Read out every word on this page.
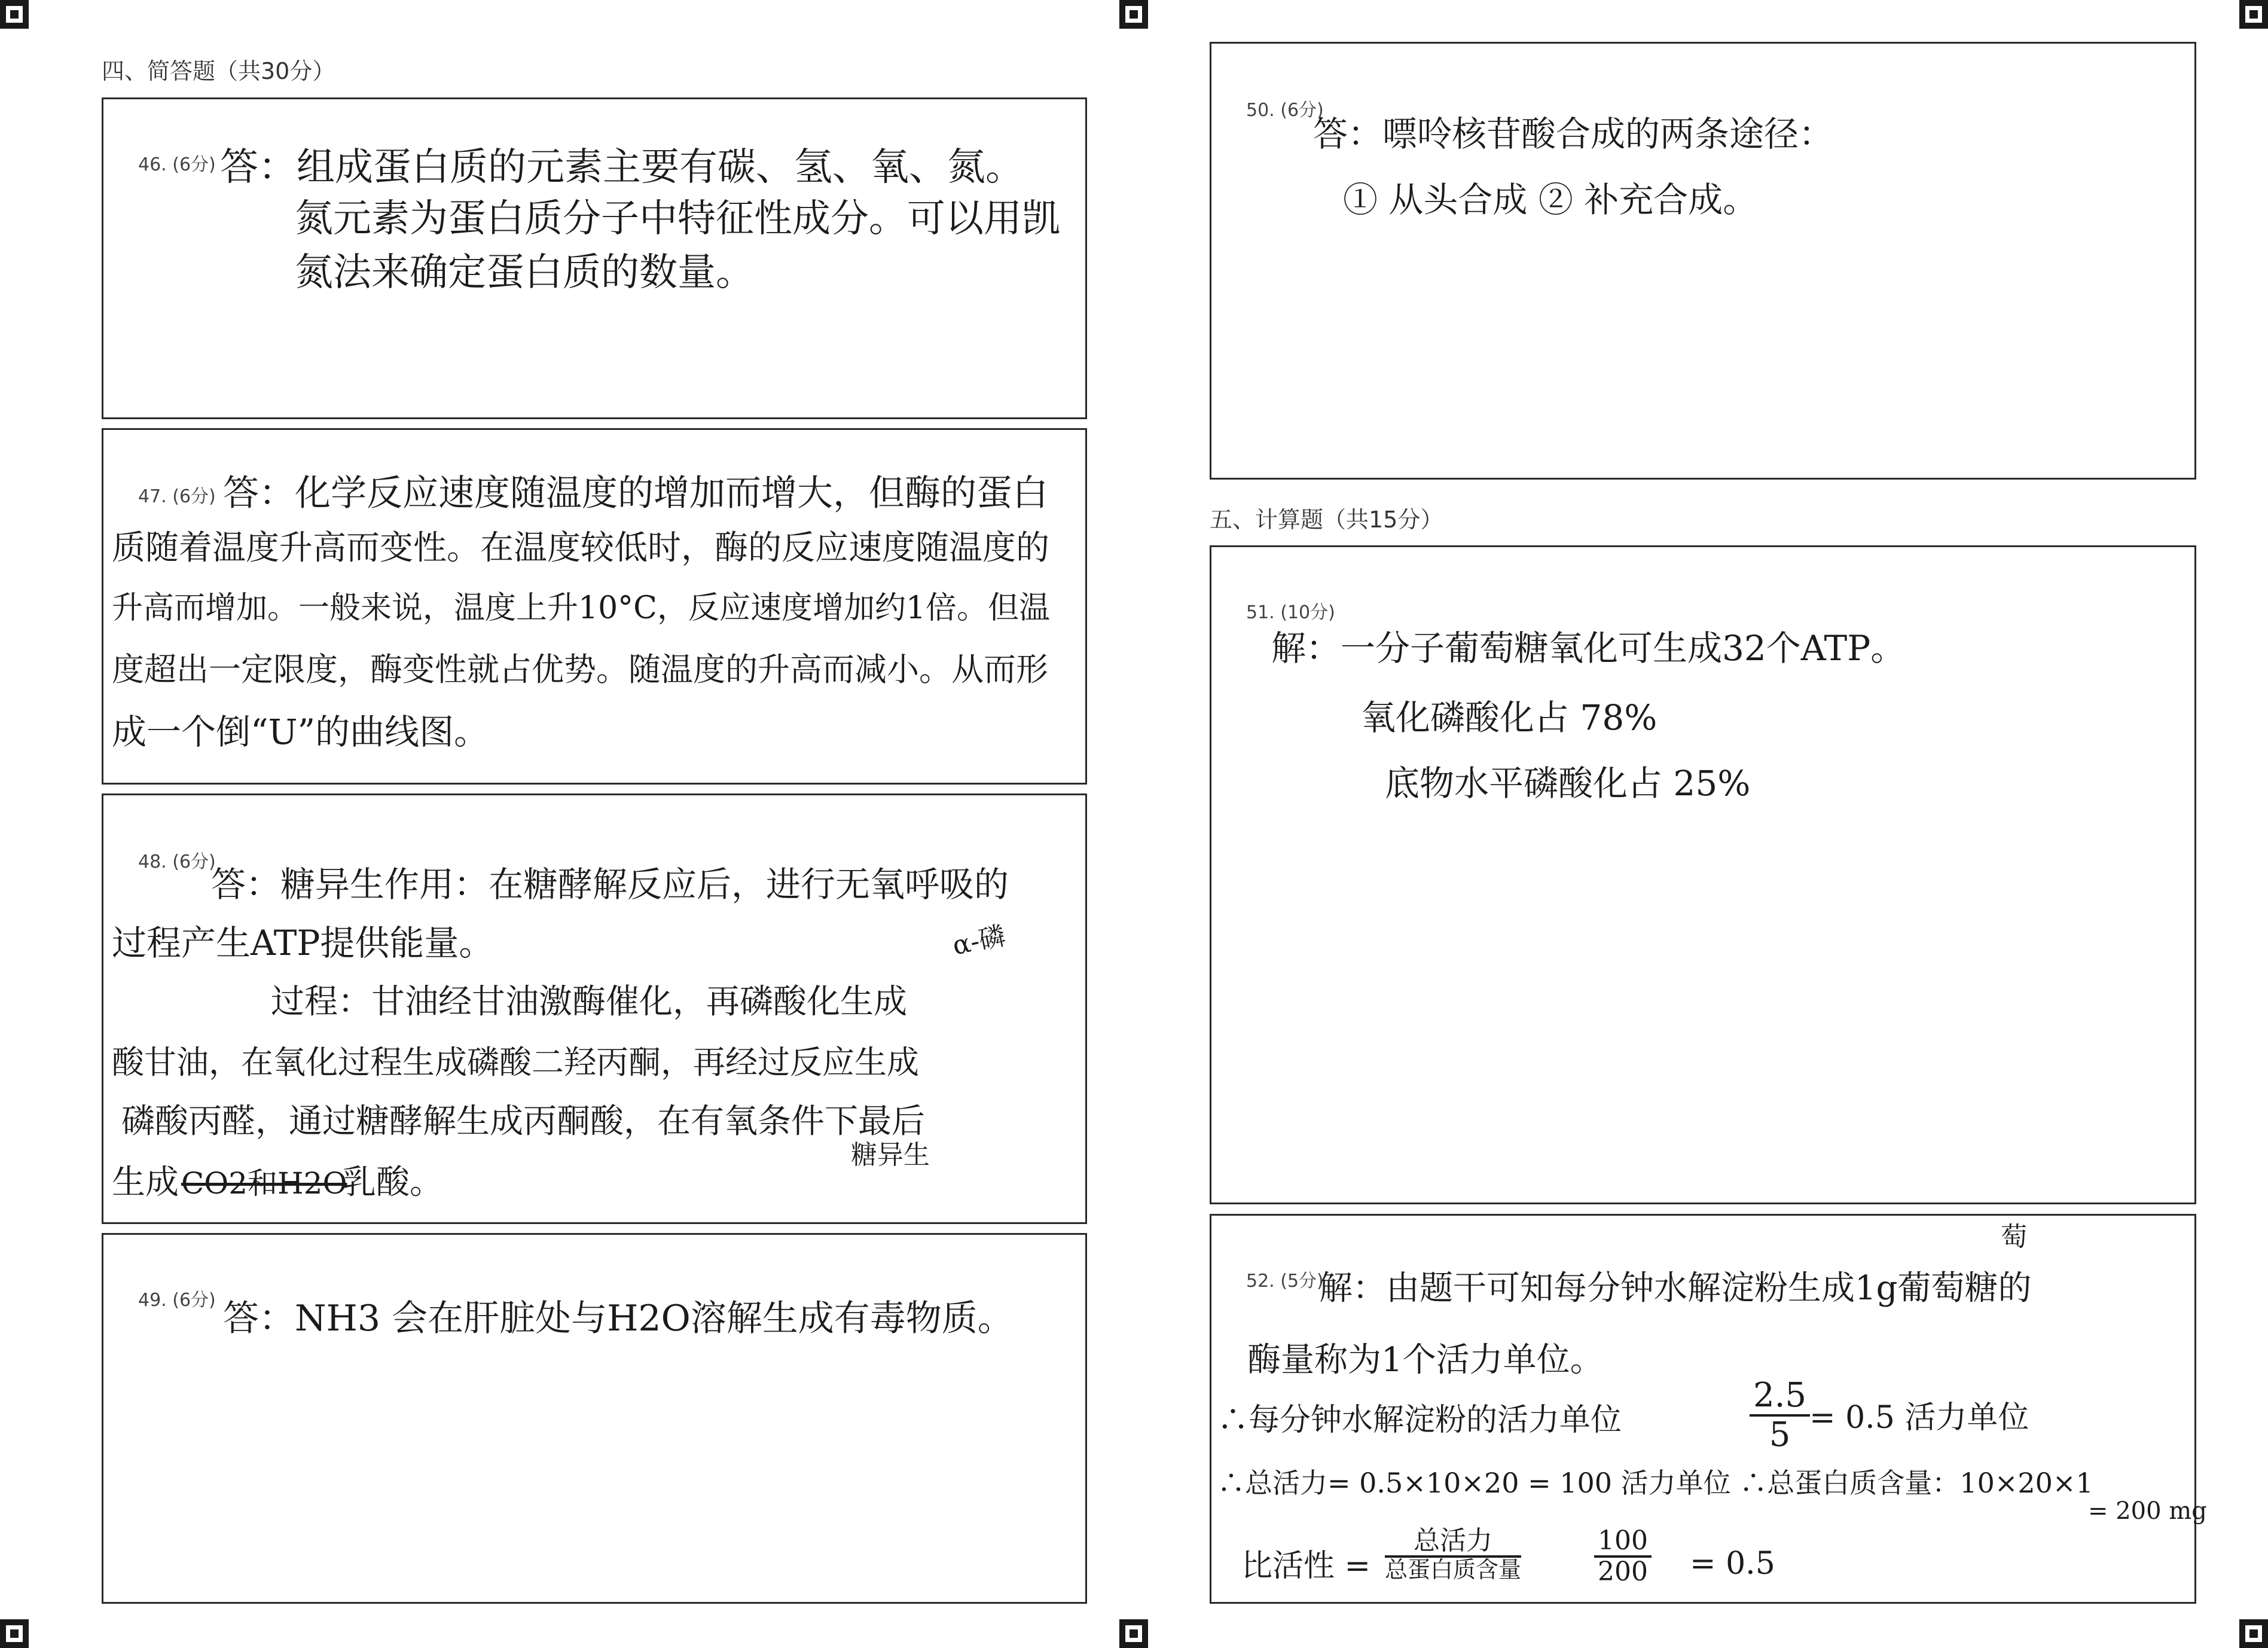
四、简答题（共30分）
46. (6分) 答：组成蛋白质的元素主要有碳、氢、氧、氮。
氮元素为蛋白质分子中特征性成分。可以用凯
氮法来确定蛋白质的数量。
47. (6分) 答：化学反应速度随温度的增加而增大，但酶的蛋白
质随着温度升高而变性。在温度较低时，酶的反应速度随温度的
升高而增加。一般来说，温度上升10°C，反应速度增加约1倍。但温
度超出一定限度，酶变性就占优势。随温度的升高而减小。从而形
成一个倒“U”的曲线图。
48. (6分)
答：糖异生作用：在糖酵解反应后，进行无氧呼吸的
过程产生ATP提供能量。
过程：甘油经甘油激酶催化，再磷酸化生成
α-磷
酸甘油，在氧化过程生成磷酸二羟丙酮，再经过反应生成
磷酸丙醛，通过糖酵解生成丙酮酸，在有氧条件下最后
糖异生
生成 CO2和H2O
乳酸。
49. (6分) 答：NH3 会在肝脏处与H2O溶解生成有毒物质。
50. (6分)
答：嘌呤核苷酸合成的两条途径：
① 从头合成 ② 补充合成。
五、计算题（共15分）
51. (10分)
解：一分子葡萄糖氧化可生成32个ATP。
氧化磷酸化占 78%
底物水平磷酸化占 25%
52. (5分)
萄
解：由题干可知每分钟水解淀粉生成1g葡萄糖的
酶量称为1个活力单位。
∴每分钟水解淀粉的活力单位	$\frac{2.5}{5}$
= 0.5 活力单位
∴总活力= 0.5×10×20 = 100 活力单位 ∴总蛋白质含量：10×20×1
= 200 mg
比活性 =
总活力
总蛋白质含量	$\frac{100}{200} = 0.5$
